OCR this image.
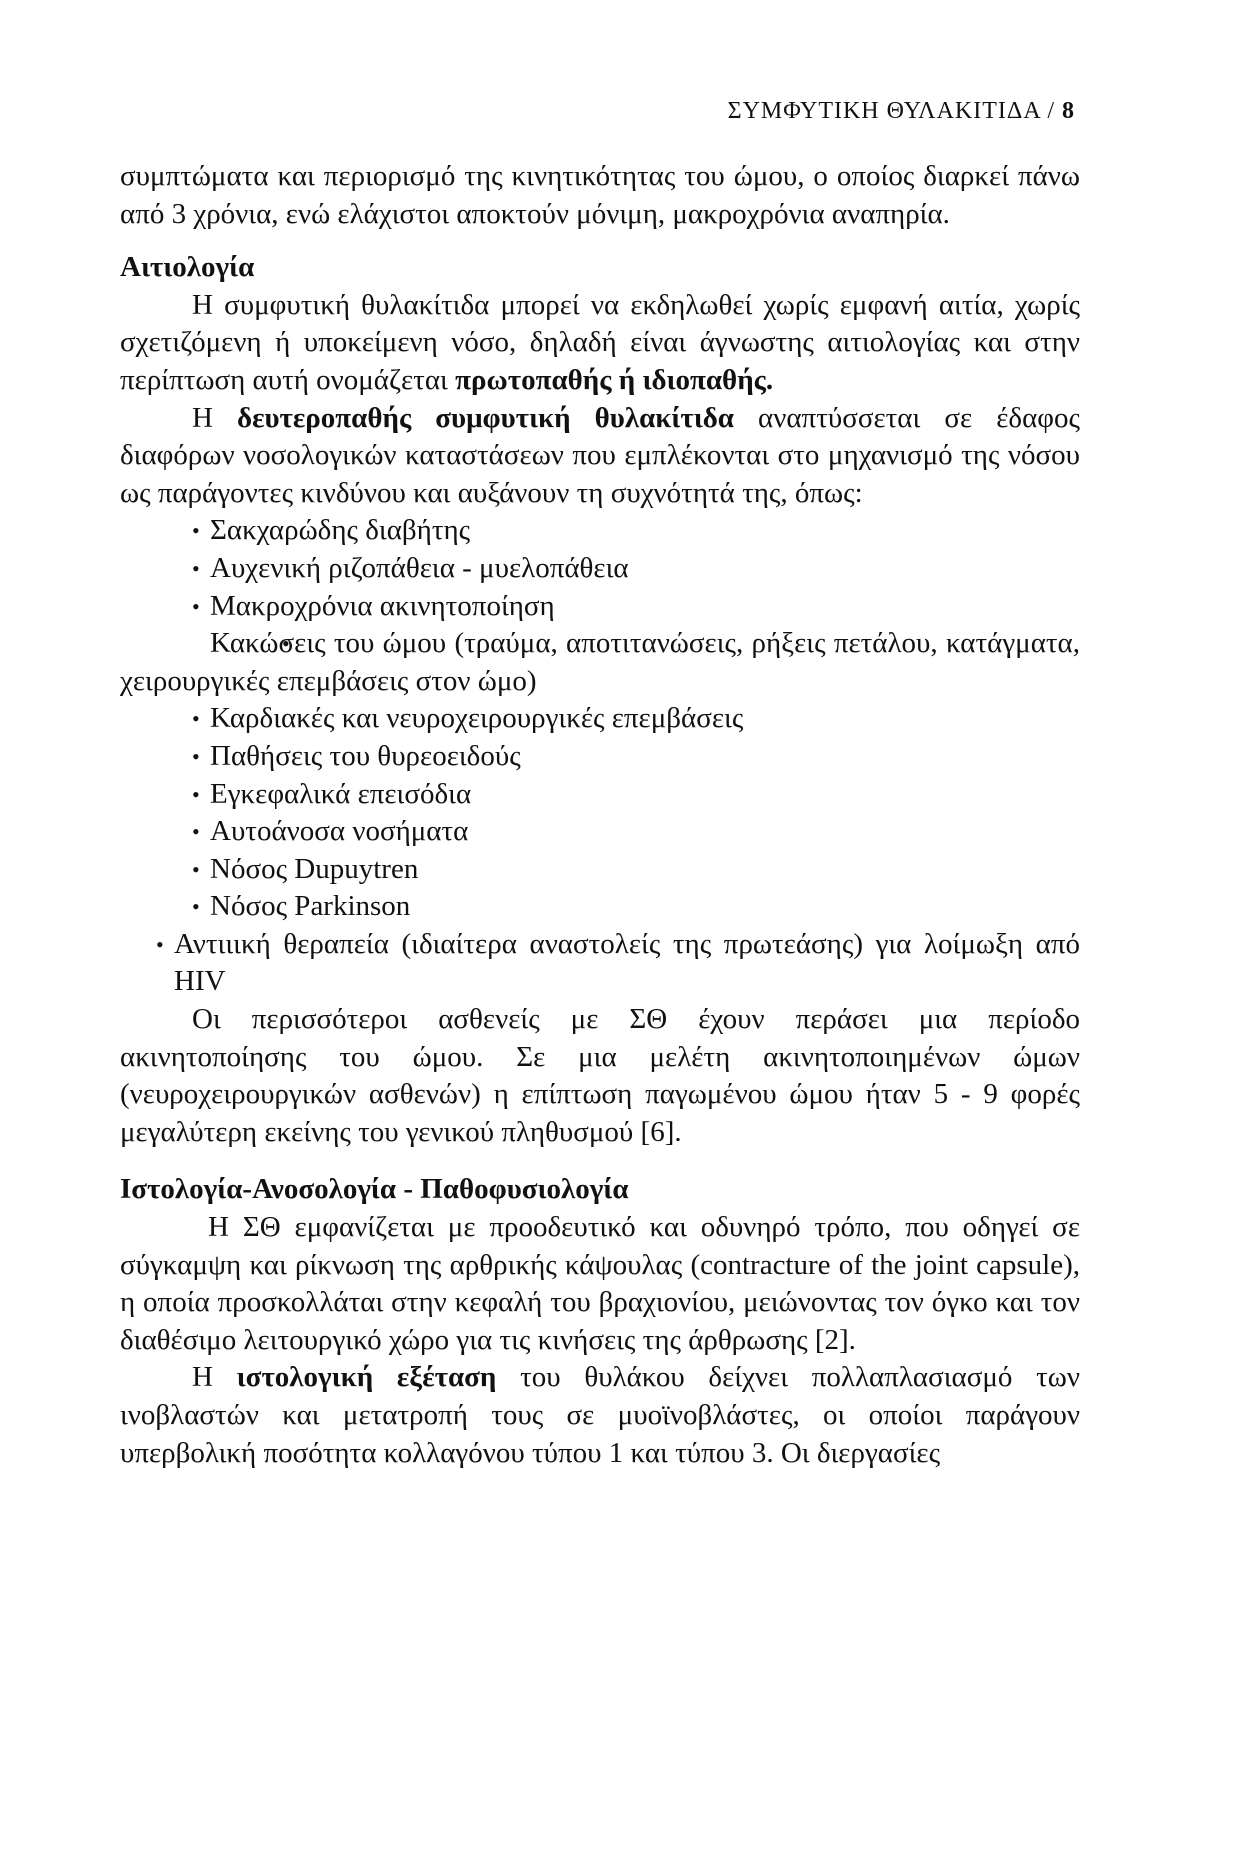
ΣΥΜΦΥΤΙΚΗ ΘΥΛΑΚΙΤΙΔΑ / 8

συμπτώματα και περιορισμό της κινητικότητας του ώμου, ο οποίος διαρκεί πάνω από 3 χρόνια, ενώ ελάχιστοι αποκτούν μόνιμη, μακροχρόνια αναπηρία.

Αιτιολογία

Η συμφυτική θυλακίτιδα μπορεί να εκδηλωθεί χωρίς εμφανή αιτία, χωρίς σχετιζόμενη ή υποκείμενη νόσο, δηλαδή είναι άγνωστης αιτιολογίας και στην περίπτωση αυτή ονομάζεται πρωτοπαθής ή ιδιοπαθής.

Η δευτεροπαθής συμφυτική θυλακίτιδα αναπτύσσεται σε έδαφος διαφόρων νοσολογικών καταστάσεων που εμπλέκονται στο μηχανισμό της νόσου ως παράγοντες κινδύνου και αυξάνουν τη συχνότητά της, όπως:

• Σακχαρώδης διαβήτης
• Αυχενική ριζοπάθεια - μυελοπάθεια
• Μακροχρόνια ακινητοποίηση
• Κακώσεις του ώμου (τραύμα, αποτιτανώσεις, ρήξεις πετάλου, κατάγματα, χειρουργικές επεμβάσεις στον ώμο)
• Καρδιακές και νευροχειρουργικές επεμβάσεις
• Παθήσεις του θυρεοειδούς
• Εγκεφαλικά επεισόδια
• Αυτοάνοσα νοσήματα
• Νόσος Dupuytren
• Νόσος Parkinson
• Αντιιική θεραπεία (ιδιαίτερα αναστολείς της πρωτεάσης) για λοίμωξη από HIV

Οι περισσότεροι ασθενείς με ΣΘ έχουν περάσει μια περίοδο ακινητοποίησης του ώμου. Σε μια μελέτη ακινητοποιημένων ώμων (νευροχειρουργικών ασθενών) η επίπτωση παγωμένου ώμου ήταν 5 - 9 φορές μεγαλύτερη εκείνης του γενικού πληθυσμού [6].

Ιστολογία-Ανοσολογία - Παθοφυσιολογία

Η ΣΘ εμφανίζεται με προοδευτικό και οδυνηρό τρόπο, που οδηγεί σε σύγκαμψη και ρίκνωση της αρθρικής κάψουλας (contracture of the joint capsule), η οποία προσκολλάται στην κεφαλή του βραχιονίου, μειώνοντας τον όγκο και τον διαθέσιμο λειτουργικό χώρο για τις κινήσεις της άρθρωσης [2].

Η ιστολογική εξέταση του θυλάκου δείχνει πολλαπλασιασμό των ινοβλαστών και μετατροπή τους σε μυοϊνοβλάστες, οι οποίοι παράγουν υπερβολική ποσότητα κολλαγόνου τύπου 1 και τύπου 3. Οι διεργασίες
